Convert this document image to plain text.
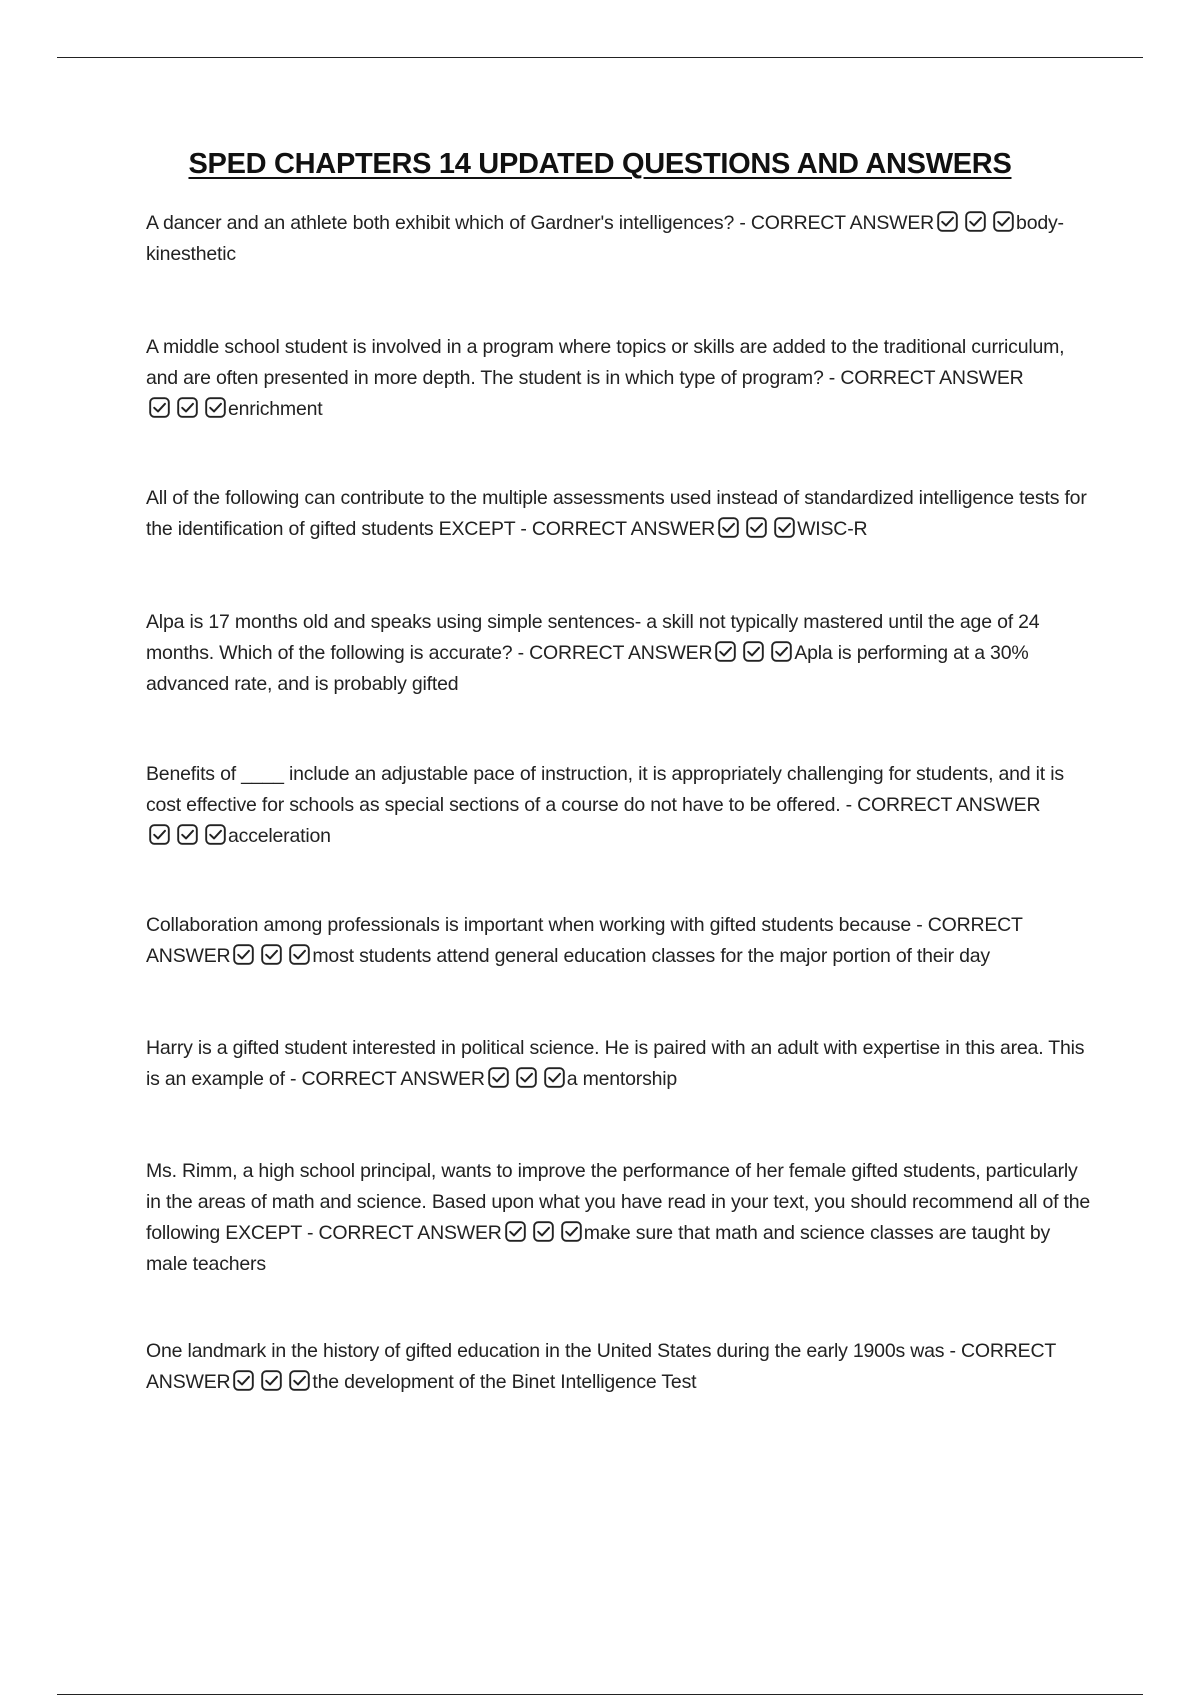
SPED CHAPTERS 14 UPDATED QUESTIONS AND ANSWERS

A dancer and an athlete both exhibit which of Gardner's intelligences? - CORRECT ANSWER	body-kinesthetic

A middle school student is involved in a program where topics or skills are added to the traditional curriculum, and are often presented in more depth. The student is in which type of program? - CORRECT ANSWER
enrichment

All of the following can contribute to the multiple assessments used instead of standardized intelligence tests for the identification of gifted students EXCEPT - CORRECT ANSWER	WISC-R

Alpa is 17 months old and speaks using simple sentences- a skill not typically mastered until the age of 24 months. Which of the following is accurate? - CORRECT ANSWER	Apla is performing at a 30% advanced rate, and is probably gifted

Benefits of ____ include an adjustable pace of instruction, it is appropriately challenging for students, and it is cost effective for schools as special sections of a course do not have to be offered. - CORRECT ANSWER
acceleration

Collaboration among professionals is important when working with gifted students because - CORRECT ANSWER	most students attend general education classes for the major portion of their day

Harry is a gifted student interested in political science. He is paired with an adult with expertise in this area. This is an example of - CORRECT ANSWER	a mentorship

Ms. Rimm, a high school principal, wants to improve the performance of her female gifted students, particularly in the areas of math and science. Based upon what you have read in your text, you should recommend all of the following EXCEPT - CORRECT ANSWER	make sure that math and science classes are taught by male teachers

One landmark in the history of gifted education in the United States during the early 1900s was - CORRECT ANSWER	the development of the Binet Intelligence Test
